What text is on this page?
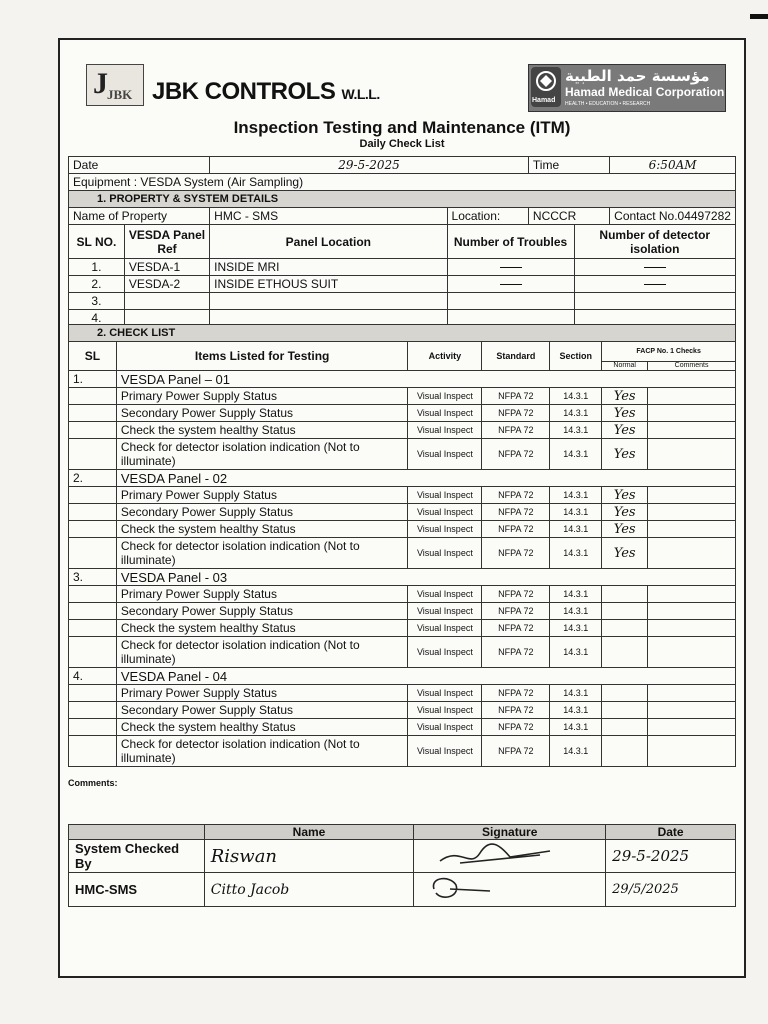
J JBK JBK CONTROLS W.L.L.	Hamad
مؤسسة حمد الطبية
Hamad Medical Corporation
HEALTH • EDUCATION • RESEARCH
Inspection Testing and Maintenance (ITM)
Daily Check List
Date		29-5-2025		Time		6:50AM
Equipment : VESDA System (Air Sampling)						
1. PROPERTY & SYSTEM DETAILS						
Name of Property		HMC - SMS	Location:	NCCCR		Contact No.04497282
SL NO.	VESDA Panel Ref	Panel Location	Number of Troubles		Number of detector isolation	
1.	VESDA-1	INSIDE MRI				
2.	VESDA-2	INSIDE ETHOUS SUIT				
3.						
4.						
2. CHECK LIST						
SL	Items Listed for Testing	Activity	Standard	Section	FACP No. 1 Checks	
					Normal	Comments
1.	VESDA Panel – 01					
	Primary Power Supply Status	Visual Inspect	NFPA 72	14.3.1	Yes	
	Secondary Power Supply Status	Visual Inspect	NFPA 72	14.3.1	Yes	
	Check the system healthy Status	Visual Inspect	NFPA 72	14.3.1	Yes	
	Check for detector isolation indication (Not to illuminate)	Visual Inspect	NFPA 72	14.3.1	Yes	
2.	VESDA Panel - 02					
	Primary Power Supply Status	Visual Inspect	NFPA 72	14.3.1	Yes	
	Secondary Power Supply Status	Visual Inspect	NFPA 72	14.3.1	Yes	
	Check the system healthy Status	Visual Inspect	NFPA 72	14.3.1	Yes	
	Check for detector isolation indication (Not to illuminate)	Visual Inspect	NFPA 72	14.3.1	Yes	
3.	VESDA Panel - 03					
	Primary Power Supply Status	Visual Inspect	NFPA 72	14.3.1		
	Secondary Power Supply Status	Visual Inspect	NFPA 72	14.3.1		
	Check the system healthy Status	Visual Inspect	NFPA 72	14.3.1		
	Check for detector isolation indication (Not to illuminate)	Visual Inspect	NFPA 72	14.3.1		
4.	VESDA Panel - 04					
	Primary Power Supply Status	Visual Inspect	NFPA 72	14.3.1		
	Secondary Power Supply Status	Visual Inspect	NFPA 72	14.3.1		
	Check the system healthy Status	Visual Inspect	NFPA 72	14.3.1		
	Check for detector isolation indication (Not to illuminate)	Visual Inspect	NFPA 72	14.3.1		
Comments:
	Name	Signature	Date
System Checked By	Riswan		29-5-2025
HMC-SMS	Citto Jacob		29/5/2025
